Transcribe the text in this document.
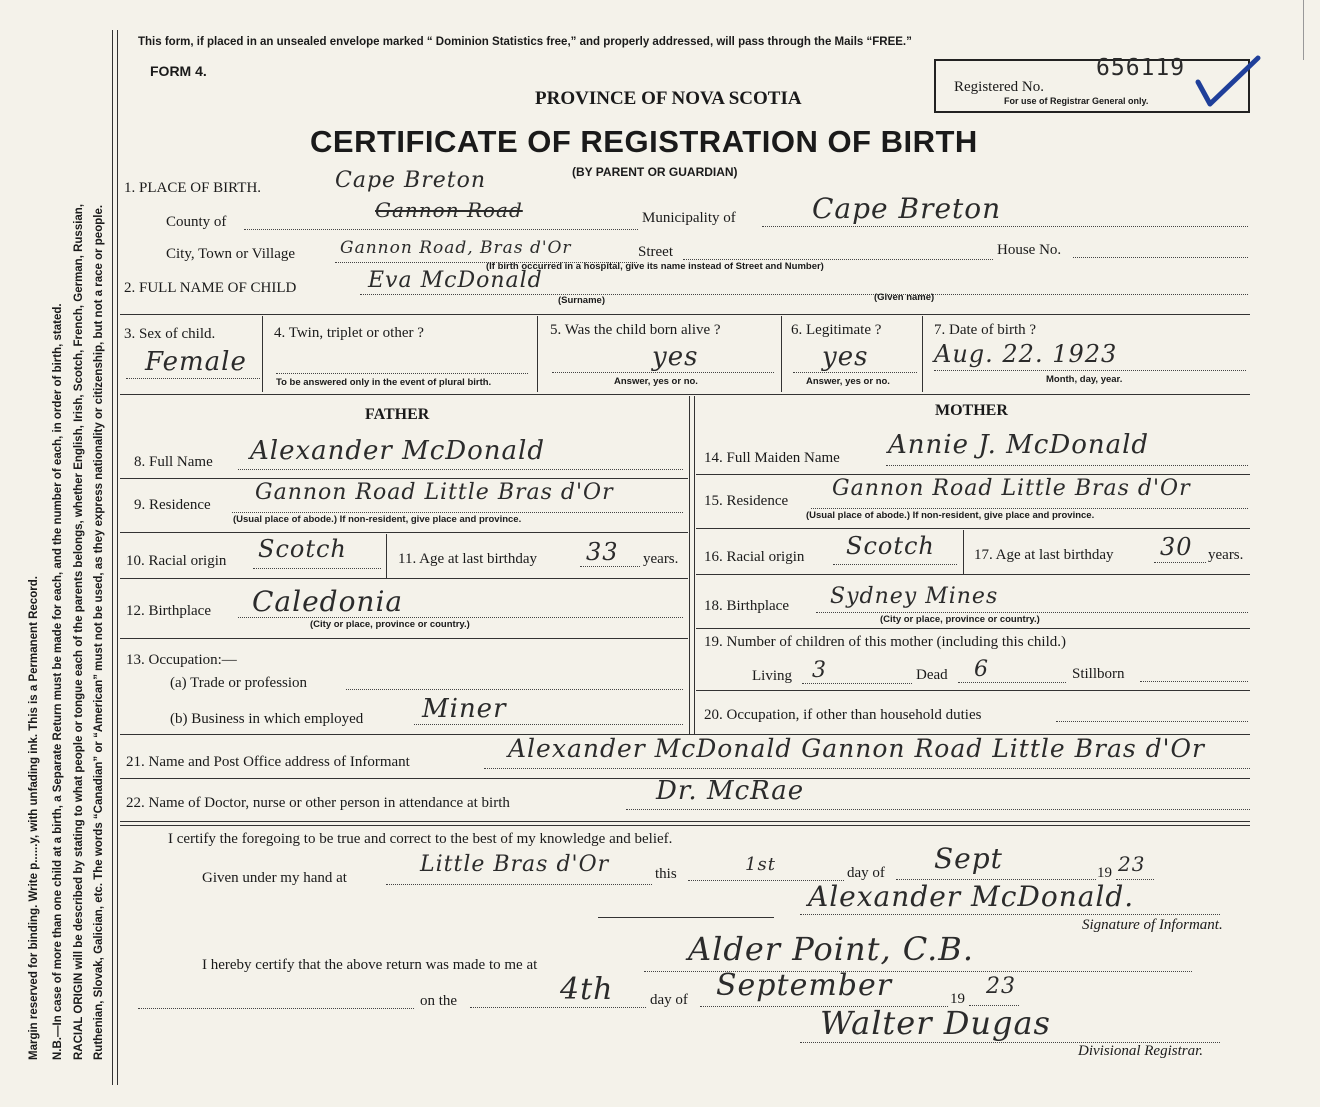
Margin reserved for binding. Write p......y, with unfading ink. This is a Permanent Record. N.B.—In case of more than one child at a birth, a Separate Return must be made for each, and the number of each, in order of birth, stated. RACIAL ORIGIN will be described by stating to what people or tongue each of the parents belongs, whether English, Irish, Scotch, French, German, Russian, Ruthenian, Slovak, Galician, etc. The words “Canadian” or “American” must not be used, as they express nationality or citizenship, but not a race or people.
This form, if placed in an unsealed envelope marked “ Dominion Statistics free,” and properly addressed, will pass through the Mails “FREE.”
FORM 4.
PROVINCE OF NOVA SCOTIA
CERTIFICATE OF REGISTRATION OF BIRTH
(BY PARENT OR GUARDIAN)
Registered No.
656119
For use of Registrar General only.
1. PLACE OF BIRTH.	Cape Breton
County of	Gannon Road	Municipality of	Cape Breton
City, Town or Village	Gannon Road, Bras d'Or	Street	House No.
(If birth occurred in a hospital, give its name instead of Street and Number)
2. FULL NAME OF CHILD	Eva McDonald
(Surname)	(Given name)
3. Sex of child.
Female
4. Twin, triplet or other ?
To be answered only in the event of plural birth.
5. Was the child born alive ?
yes
Answer, yes or no.
6. Legitimate ?
yes
Answer, yes or no.
7. Date of birth ?
Aug. 22. 1923
Month, day, year.
FATHER
8. Full Name Alexander McDonald
9. Residence Gannon Road Little Bras d'Or
(Usual place of abode.) If non-resident, give place and province.
10. Racial origin Scotch	11. Age at last birthday 33 years.
12. Birthplace Caledonia
(City or place, province or country.)
13. Occupation:—
(a) Trade or profession
(b) Business in which employed Miner
MOTHER
14. Full Maiden Name Annie J. McDonald
15. Residence Gannon Road Little Bras d'Or
(Usual place of abode.) If non-resident, give place and province.
16. Racial origin Scotch	17. Age at last birthday 30 years.
18. Birthplace Sydney Mines
(City or place, province or country.)
19. Number of children of this mother (including this child.)
Living 3	Dead 6	Stillborn
20. Occupation, if other than household duties
21. Name and Post Office address of Informant	Alexander McDonald Gannon Road Little Bras d'Or
22. Name of Doctor, nurse or other person in attendance at birth	Dr. McRae
I certify the foregoing to be true and correct to the best of my knowledge and belief.
Given under my hand at
Little Bras d'Or	this	1st	day of Sept	19 23
Alexander McDonald.
Signature of Informant.
I hereby certify that the above return was made to me at	Alder Point, C.B.
on the	4th day of September	19 23
Walter Dugas
Divisional Registrar.
